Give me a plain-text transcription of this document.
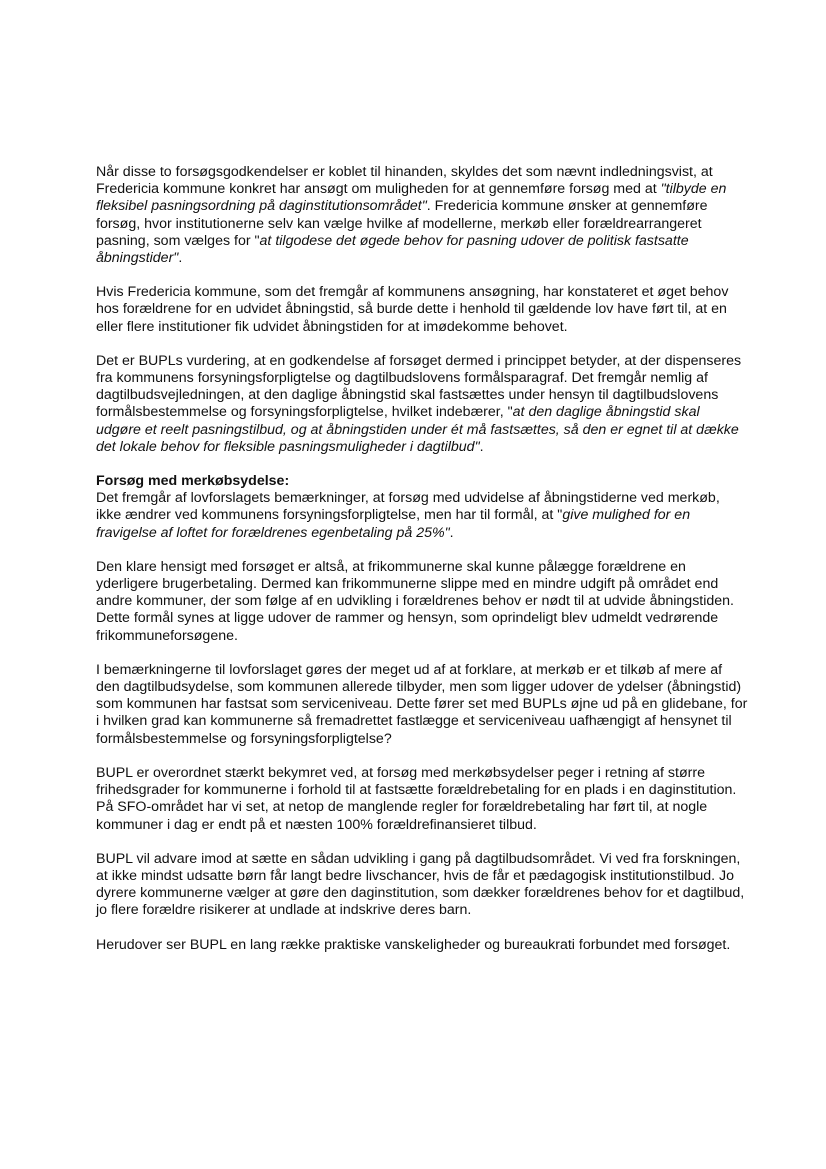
Når disse to forsøgsgodkendelser er koblet til hinanden, skyldes det som nævnt indledningsvist, at Fredericia kommune konkret har ansøgt om muligheden for at gennemføre forsøg med at "tilbyde en fleksibel pasningsordning på daginstitutionsområdet". Fredericia kommune ønsker at gennemføre forsøg, hvor institutionerne selv kan vælge hvilke af modellerne, merkøb eller forældrearrangeret pasning, som vælges for "at tilgodese det øgede behov for pasning udover de politisk fastsatte åbningstider".

Hvis Fredericia kommune, som det fremgår af kommunens ansøgning, har konstateret et øget behov hos forældrene for en udvidet åbningstid, så burde dette i henhold til gældende lov have ført til, at en eller flere institutioner fik udvidet åbningstiden for at imødekomme behovet.

Det er BUPLs vurdering, at en godkendelse af forsøget dermed i princippet betyder, at der dispenseres fra kommunens forsyningsforpligtelse og dagtilbudslovens formålsparagraf. Det fremgår nemlig af dagtilbudsvejledningen, at den daglige åbningstid skal fastsættes under hensyn til dagtilbudslovens formålsbestemmelse og forsyningsforpligtelse, hvilket indebærer, "at den daglige åbningstid skal udgøre et reelt pasningstilbud, og at åbningstiden under ét må fastsættes, så den er egnet til at dække det lokale behov for fleksible pasningsmuligheder i dagtilbud".

Forsøg med merkøbsydelse:

Det fremgår af lovforslagets bemærkninger, at forsøg med udvidelse af åbningstiderne ved merkøb, ikke ændrer ved kommunens forsyningsforpligtelse, men har til formål, at "give mulighed for en fravigelse af loftet for forældrenes egenbetaling på 25%".

Den klare hensigt med forsøget er altså, at frikommunerne skal kunne pålægge forældrene en yderligere brugerbetaling. Dermed kan frikommunerne slippe med en mindre udgift på området end andre kommuner, der som følge af en udvikling i forældrenes behov er nødt til at udvide åbningstiden. Dette formål synes at ligge udover de rammer og hensyn, som oprindeligt blev udmeldt vedrørende frikommuneforsøgene.

I bemærkningerne til lovforslaget gøres der meget ud af at forklare, at merkøb er et tilkøb af mere af den dagtilbudsydelse, som kommunen allerede tilbyder, men som ligger udover de ydelser (åbningstid) som kommunen har fastsat som serviceniveau. Dette fører set med BUPLs øjne ud på en glidebane, for i hvilken grad kan kommunerne så fremadrettet fastlægge et serviceniveau uafhængigt af hensynet til formålsbestemmelse og forsyningsforpligtelse?

BUPL er overordnet stærkt bekymret ved, at forsøg med merkøbsydelser peger i retning af større frihedsgrader for kommunerne i forhold til at fastsætte forældrebetaling for en plads i en daginstitution. På SFO-området har vi set, at netop de manglende regler for forældrebetaling har ført til, at nogle kommuner i dag er endt på et næsten 100% forældrefinansieret tilbud.

BUPL vil advare imod at sætte en sådan udvikling i gang på dagtilbudsområdet. Vi ved fra forskningen, at ikke mindst udsatte børn får langt bedre livschancer, hvis de får et pædagogisk institutionstilbud. Jo dyrere kommunerne vælger at gøre den daginstitution, som dækker forældrenes behov for et dagtilbud, jo flere forældre risikerer at undlade at indskrive deres barn.

Herudover ser BUPL en lang række praktiske vanskeligheder og bureaukrati forbundet med forsøget.
